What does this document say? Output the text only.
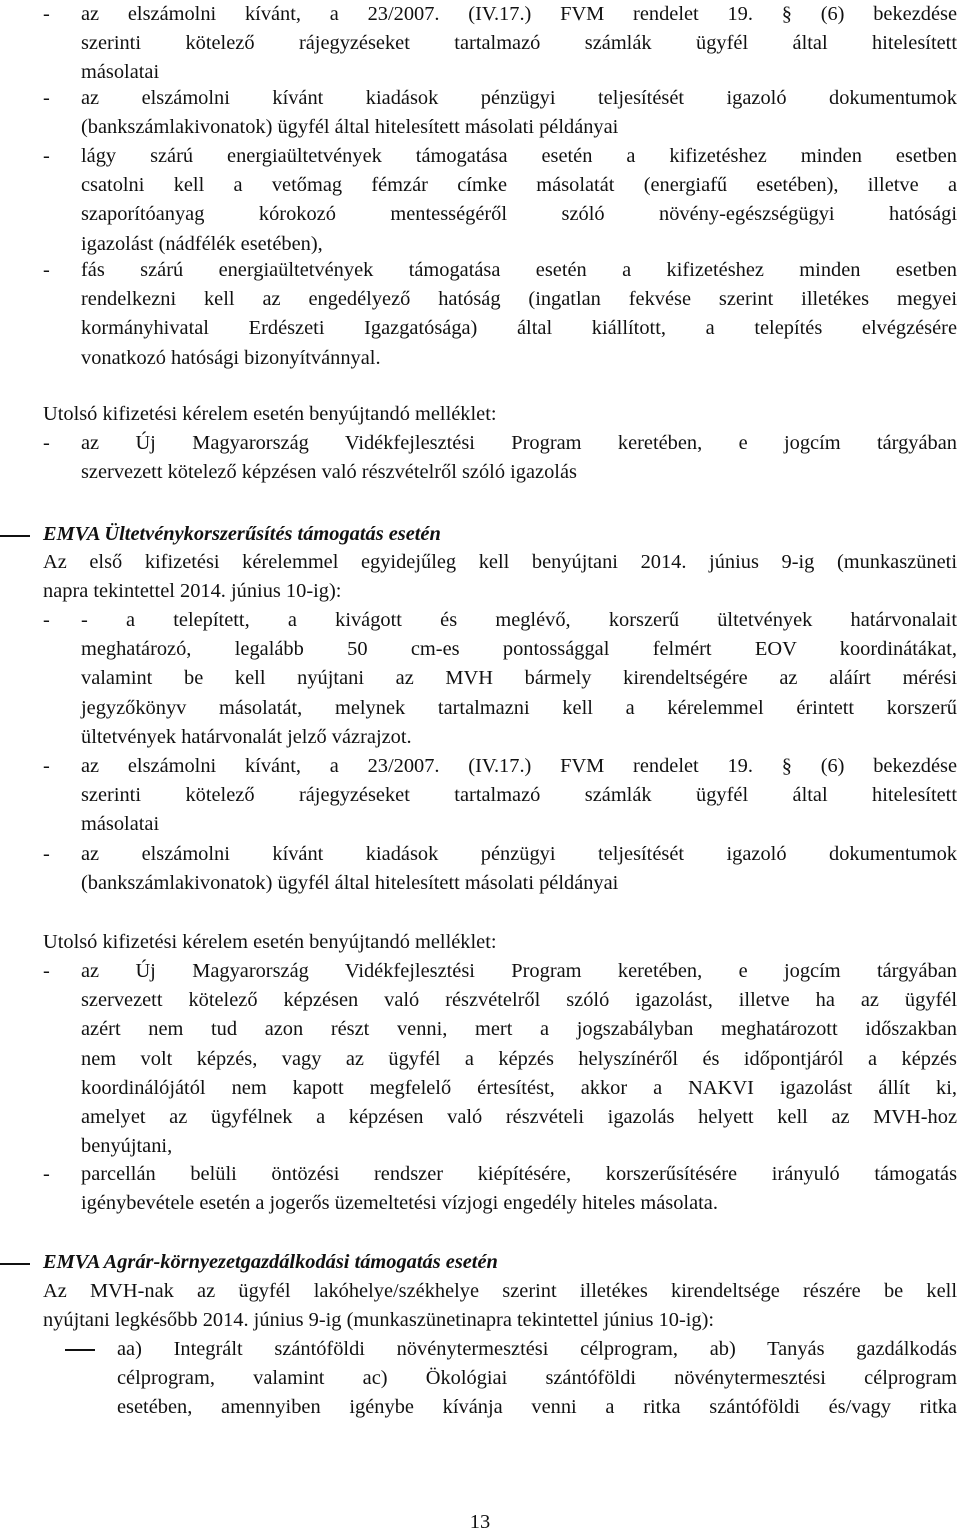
- az elszámolni kívánt, a 23/2007. (IV.17.) FVM rendelet 19. § (6) bekezdése
szerinti kötelező rájegyzéseket tartalmazó számlák ügyfél által hitelesített
másolatai
- az elszámolni kívánt kiadások pénzügyi teljesítését igazoló dokumentumok
(bankszámlakivonatok) ügyfél által hitelesített másolati példányai
- lágy szárú energiaültetvények támogatása esetén a kifizetéshez minden esetben
csatolni kell a vetőmag fémzár címke másolatát (energiafű esetében), illetve a
szaporítóanyag kórokozó mentességéről szóló növény-egészségügyi hatósági
igazolást (nádfélék esetében),
- fás szárú energiaültetvények támogatása esetén a kifizetéshez minden esetben
rendelkezni kell az engedélyező hatóság (ingatlan fekvése szerint illetékes megyei
kormányhivatal Erdészeti Igazgatósága) által kiállított, a telepítés elvégzésére
vonatkozó hatósági bizonyítvánnyal.

Utolsó kifizetési kérelem esetén benyújtandó melléklet:

- az Új Magyarország Vidékfejlesztési Program keretében, e jogcím tárgyában
szervezett kötelező képzésen való részvételről szóló igazolás
EMVA Ültetvénykorszerűsítés támogatás esetén
Az első kifizetési kérelemmel egyidejűleg kell benyújtani 2014. június 9-ig (munkaszüneti
napra tekintettel 2014. június 10-ig):
- - a telepített, a kivágott és meglévő, korszerű ültetvények határvonalait
meghatározó, legalább 50 cm-es pontossággal felmért EOV koordinátákat,
valamint be kell nyújtani az MVH bármely kirendeltségére az aláírt mérési
jegyzőkönyv másolatát, melynek tartalmazni kell a kérelemmel érintett korszerű
ültetvények határvonalát jelző vázrajzot.
- az elszámolni kívánt, a 23/2007. (IV.17.) FVM rendelet 19. § (6) bekezdése
szerinti kötelező rájegyzéseket tartalmazó számlák ügyfél által hitelesített
másolatai
- az elszámolni kívánt kiadások pénzügyi teljesítését igazoló dokumentumok
(bankszámlakivonatok) ügyfél által hitelesített másolati példányai

Utolsó kifizetési kérelem esetén benyújtandó melléklet:

- az Új Magyarország Vidékfejlesztési Program keretében, e jogcím tárgyában
szervezett kötelező képzésen való részvételről szóló igazolást, illetve ha az ügyfél
azért nem tud azon részt venni, mert a jogszabályban meghatározott időszakban
nem volt képzés, vagy az ügyfél a képzés helyszínéről és időpontjáról a képzés
koordinálójától nem kapott megfelelő értesítést, akkor a NAKVI igazolást állít ki,
amelyet az ügyfélnek a képzésen való részvételi igazolás helyett kell az MVH-hoz
benyújtani,
- parcellán belüli öntözési rendszer kiépítésére, korszerűsítésére irányuló támogatás
igénybevétele esetén a jogerős üzemeltetési vízjogi engedély hiteles másolata.
EMVA Agrár-környezetgazdálkodási támogatás esetén
Az MVH-nak az ügyfél lakóhelye/székhelye szerint illetékes kirendeltsége részére be kell
nyújtani legkésőbb 2014. június 9-ig (munkaszünetinapra tekintettel június 10-ig):
aa) Integrált szántóföldi növénytermesztési célprogram, ab) Tanyás gazdálkodás
célprogram, valamint ac) Ökológiai szántóföldi növénytermesztési célprogram
esetében, amennyiben igénybe kívánja venni a ritka szántóföldi és/vagy ritka
13
